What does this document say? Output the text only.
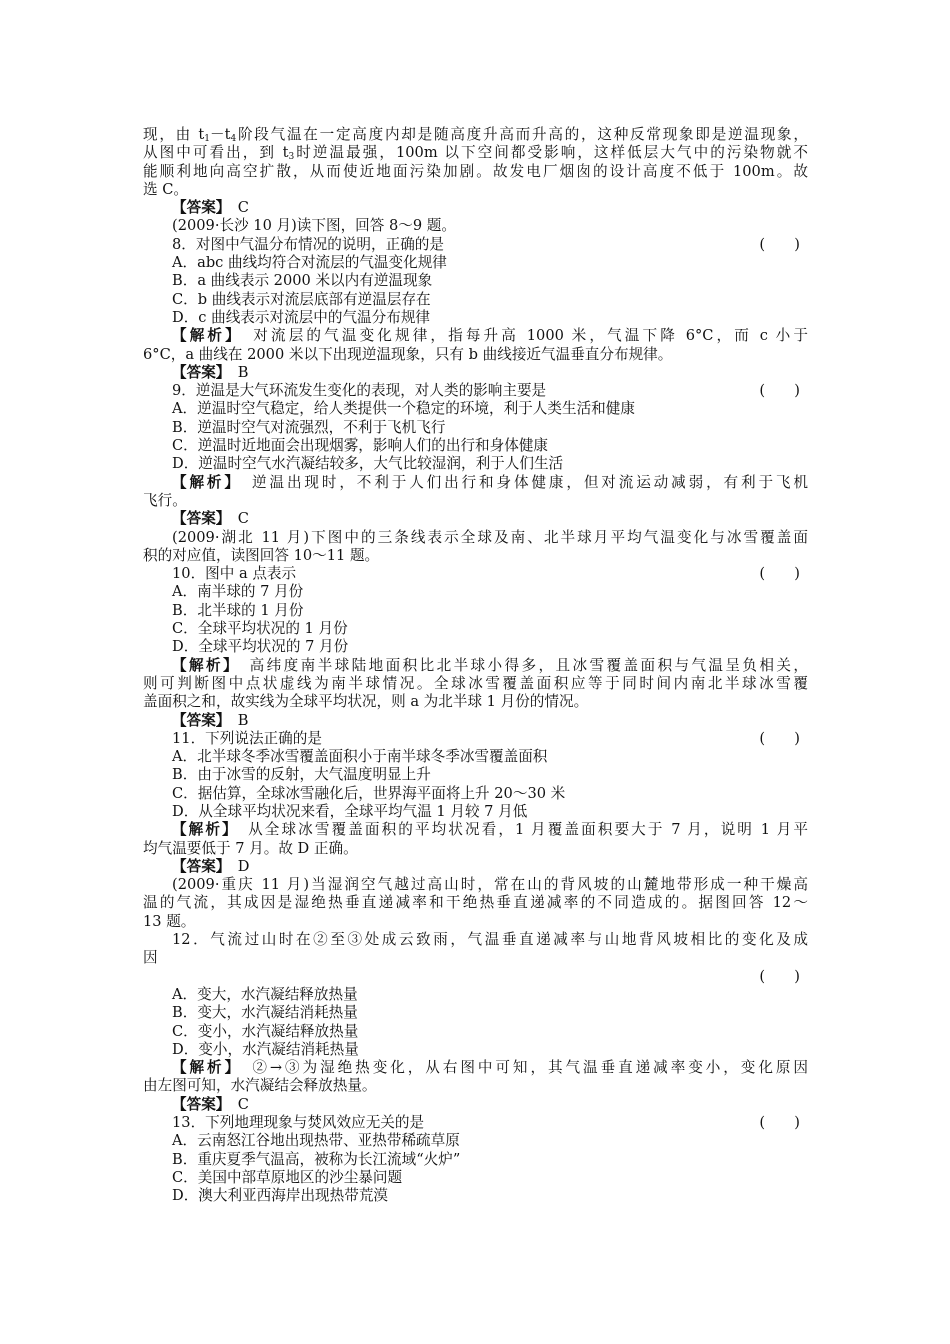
现，由 $t_1-t_4$阶段气温在一定高度内却是随高度升高而升高的，这种反常现象即是逆温现象，
从图中可看出，到 $t_3$时逆温最强，100m 以下空间都受影响，这样低层大气中的污染物就不
能顺利地向高空扩散，从而使近地面污染加剧。故发电厂烟囱的设计高度不低于 100m。故
选 C。
【答案】　 C
(2009·长沙 10 月)读下图，回答 8～9 题。
8．对图中气温分布情况的说明，正确的是	(　　)
A．abc 曲线均符合对流层的气温变化规律
B．a 曲线表示 2000 米以内有逆温现象
C．b 曲线表示对流层底部有逆温层存在
D．c 曲线表示对流层中的气温分布规律
【解析】　 对流层的气温变化规律，指每升高 1000 米，气温下降 6°C，而 c 小于
6°C，a 曲线在 2000 米以下出现逆温现象，只有 b 曲线接近气温垂直分布规律。
【答案】　 B
9．逆温是大气环流发生变化的表现，对人类的影响主要是	(　　)
A．逆温时空气稳定，给人类提供一个稳定的环境，利于人类生活和健康
B．逆温时空气对流强烈，不利于飞机飞行
C．逆温时近地面会出现烟雾，影响人们的出行和身体健康
D．逆温时空气水汽凝结较多，大气比较湿润，利于人们生活
【解析】　 逆温出现时，不利于人们出行和身体健康，但对流运动减弱，有利于飞机
飞行。
【答案】　 C
(2009·湖北 11 月)下图中的三条线表示全球及南、北半球月平均气温变化与冰雪覆盖面
积的对应值，读图回答 10～11 题。
10．图中 a 点表示	(　　)
A．南半球的 7 月份
B．北半球的 1 月份
C．全球平均状况的 1 月份
D．全球平均状况的 7 月份
【解析】　 高纬度南半球陆地面积比北半球小得多，且冰雪覆盖面积与气温呈负相关，
则可判断图中点状虚线为南半球情况。全球冰雪覆盖面积应等于同时间内南北半球冰雪覆
盖面积之和，故实线为全球平均状况，则 a 为北半球 1 月份的情况。
【答案】　 B
11．下列说法正确的是	(　　)
A．北半球冬季冰雪覆盖面积小于南半球冬季冰雪覆盖面积
B．由于冰雪的反射，大气温度明显上升
C．据估算，全球冰雪融化后，世界海平面将上升 20～30 米
D．从全球平均状况来看，全球平均气温 1 月较 7 月低
【解析】　 从全球冰雪覆盖面积的平均状况看，1 月覆盖面积要大于 7 月，说明 1 月平
均气温要低于 7 月。故 D 正确。
【答案】　 D
(2009·重庆 11 月)当湿润空气越过高山时，常在山的背风坡的山麓地带形成一种干燥高
温的气流，其成因是湿绝热垂直递减率和干绝热垂直递减率的不同造成的。据图回答 12～
13 题。
12．气流过山时在②至③处成云致雨，气温垂直递减率与山地背风坡相比的变化及成
因
(　　)
A．变大，水汽凝结释放热量
B．变大，水汽凝结消耗热量
C．变小，水汽凝结释放热量
D．变小，水汽凝结消耗热量
【解析】　 ②→③为湿绝热变化，从右图中可知，其气温垂直递减率变小，变化原因
由左图可知，水汽凝结会释放热量。
【答案】　 C
13．下列地理现象与焚风效应无关的是	(　　)
A．云南怒江谷地出现热带、亚热带稀疏草原
B．重庆夏季气温高，被称为长江流域“火炉”
C．美国中部草原地区的沙尘暴问题
D．澳大利亚西海岸出现热带荒漠
